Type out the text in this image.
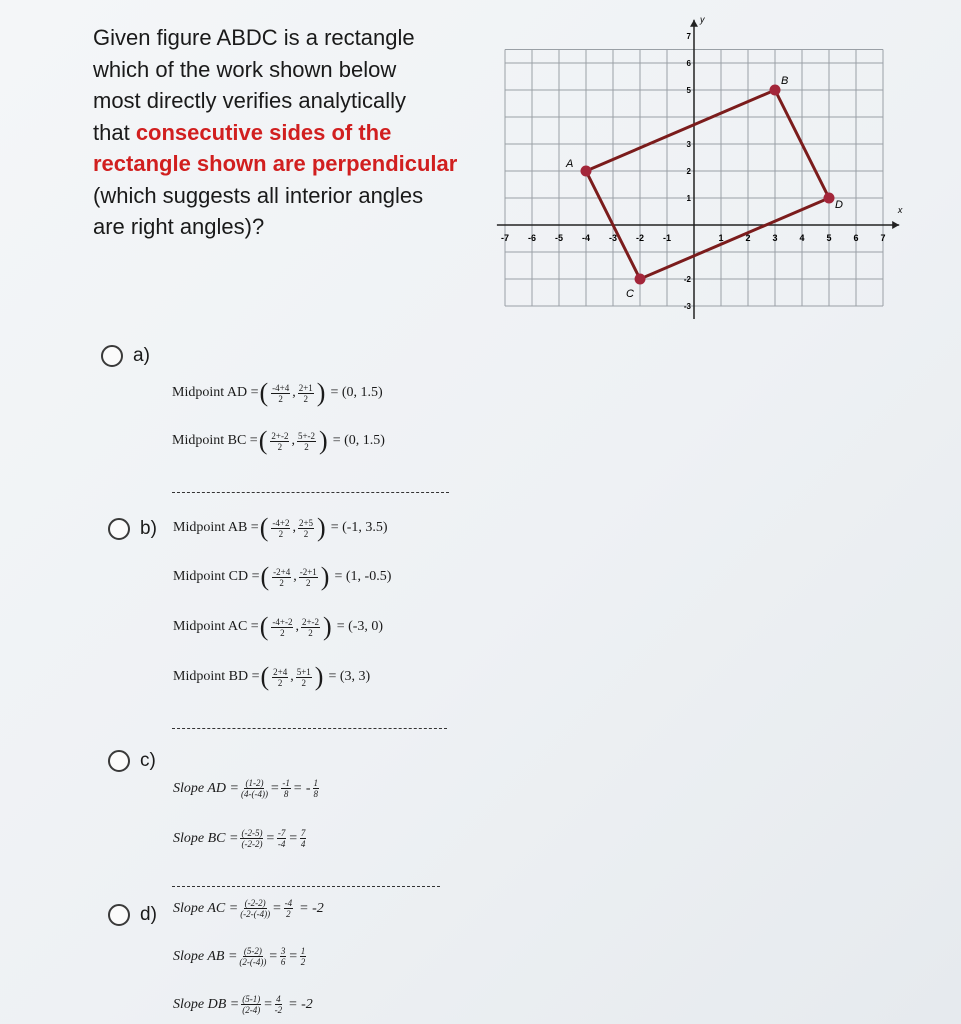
Given figure ABDC is a rectangle
which of the work shown below
most directly verifies analytically
that consecutive sides of the
rectangle shown are perpendicular
(which suggests all interior angles
are right angles)?
x
y
-7 -6 -5 -4 -3 -2 -1	1 2 3 4 5 6 7
7
6
5
3
2
1
-2
-3
A
B
D
C
a)
Midpoint AD = ( $\frac{-4+4}{2}$ , $\frac{2+1}{2}$ ) = (0, 1.5)
Midpoint BC = ( $\frac{2+-2}{2}$ , $\frac{5+-2}{2}$ ) = (0, 1.5)
b) Midpoint AB = ( $\frac{-4+2}{2}$ , $\frac{2+5}{2}$ ) = (-1, 3.5)
Midpoint CD = ( $\frac{-2+4}{2}$ , $\frac{-2+1}{2}$ ) = (1, -0.5)
Midpoint AC = ( $\frac{-4+-2}{2}$ , $\frac{2+-2}{2}$ ) = (-3, 0)
Midpoint BD = ( $\frac{2+4}{2}$ , $\frac{5+1}{2}$ ) = (3, 3)
c)
Slope AD = $\frac{(1-2)}{(4-(-4))} = \frac{-1}{8}$ = - $\frac{1}{8}$
Slope BC = $\frac{(-2-5)}{(-2-2)} = \frac{-7}{-4} = \frac{7}{4}$
d) Slope AC = $\frac{(-2-2)}{(-2-(-4))} = \frac{-4}{2} = -2$
Slope AB = $\frac{(5-2)}{(2-(-4))} = \frac{3}{6} = \frac{1}{2}$
Slope DB = $\frac{(5-1)}{(2-4)} = \frac{4}{-2} = -2$
